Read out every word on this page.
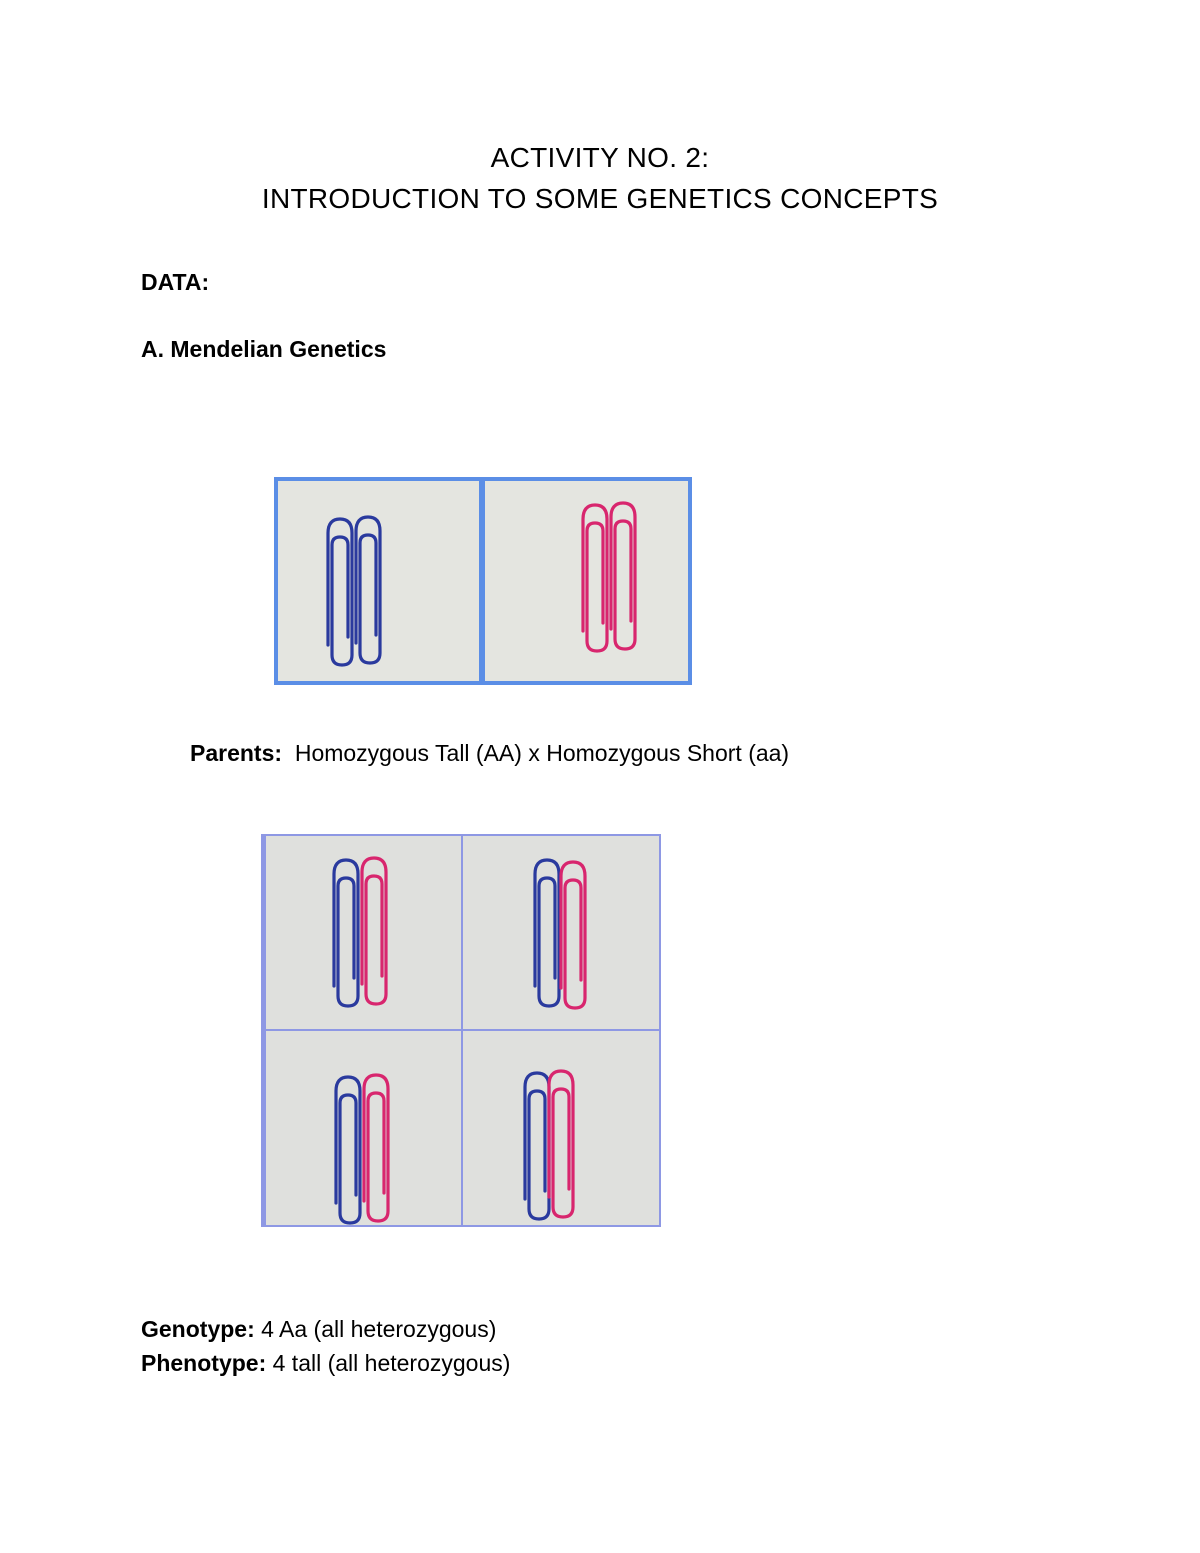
ACTIVITY NO. 2:
INTRODUCTION TO SOME GENETICS CONCEPTS
DATA:
A. Mendelian Genetics
Parents: Homozygous Tall (AA) x Homozygous Short (aa)
Genotype: 4 Aa (all heterozygous)
Phenotype: 4 tall (all heterozygous)
